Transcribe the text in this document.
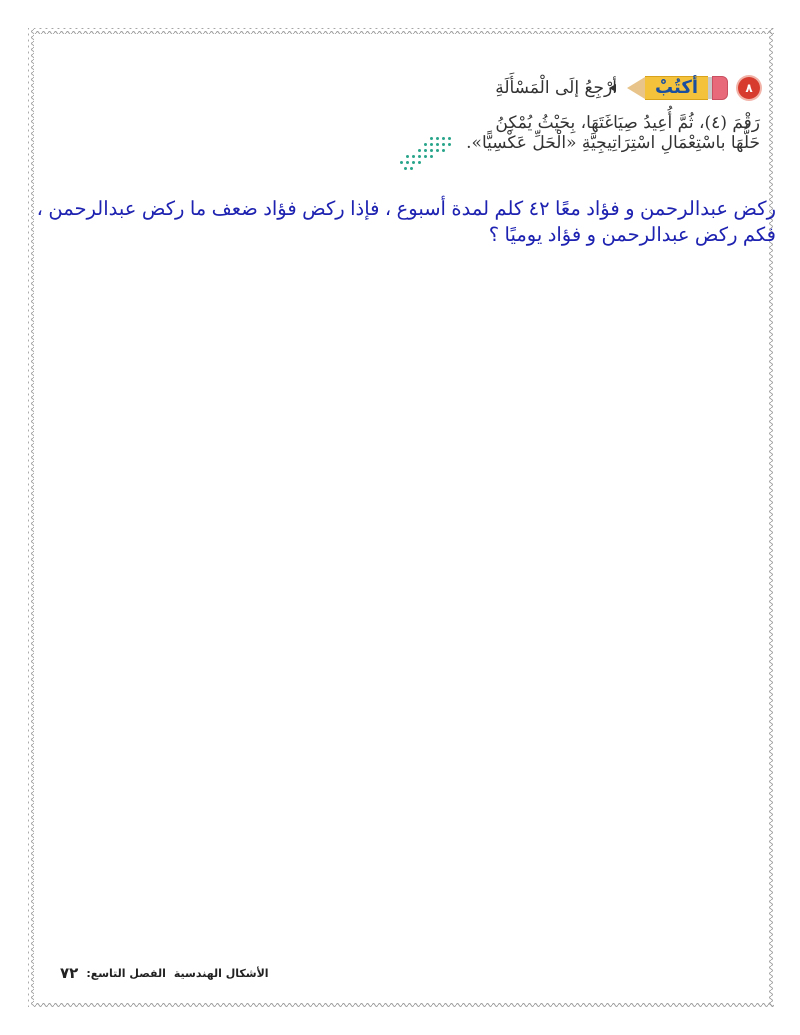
٨
أكتُبْ
أرْجِعُ إلَى الْمَسْأَلَةِ
رَقْمَ (٤)، ثُمَّ أُعِيدُ صِيَاغَتَهَا، بِحَيْثُ يُمْكِنُ
حَلُّهَا باسْتِعْمَالِ اسْتِرَاتِيجِيَّةِ «الْحَلِّ عَكْسِيًّا».
ركض عبدالرحمن و فؤاد معًا ٤٢ كلم لمدة أسبوع ، فإذا ركض فؤاد ضعف ما ركض عبدالرحمن ، فكم ركض عبدالرحمن و فؤاد يوميًا ؟
الأشكال الهندسية
الفصل التاسع:
٧٢
